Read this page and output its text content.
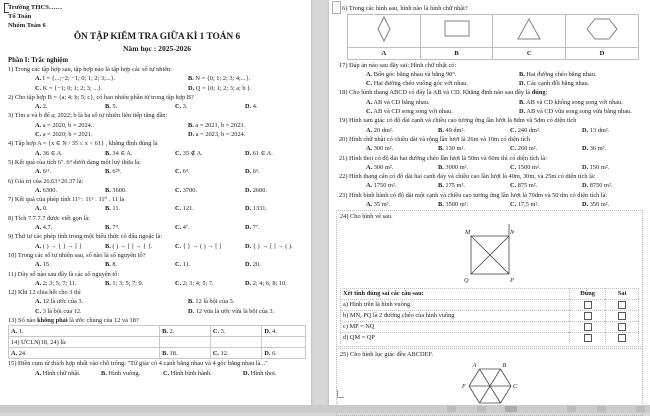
Trường THCS……
Tổ Toán
Nhóm Toán 6
ÔN TẬP KIỂM TRA GIỮA KÌ 1 TOÁN 6
Năm học : 2025-2026
Phần I: Trắc nghiệm
1) Trong các tập hợp sau, tập hợp nào là tập hợp các số tự nhiên:
A. I = {...;−2; −1; 0; 1; 2; 3;...}.	B. N = {0; 1; 2; 3; 4;...}.
C. K = {−1; 0; 1; 2; 3; ...}.	D. Q = {0; 1; 2; 3; a; b }.
2) Cho tập hợp B = {a; 4; b; 5; c}, có bao nhiêu phần tử trong tập hợp B?
A. 2.	B. 5.	C. 3.	D. 4.
3) Tìm a và b để a; 2022; b là ba số tự nhiên liên tiếp tăng dần:
A. a = 2020, b = 2024.	B. a = 2021, b = 2023.
C. a = 2020; b = 2021.	D. a = 2023, b = 2024.
4) Tập hợp A = {x ∈ N / 35 ≤ x < 61} , khẳng định đúng là
A. 36 ∈ A.	B. 34 ∈ A.	C. 35 ∉ A.	D. 61 ∈ A.
5) Kết quả của tích 6⁷. 6⁴ dưới dạng một luỹ thừa là:
A. 6¹¹.	B. 6²⁸.	C. 6⁴.	D. 6³.
6) Giá trị của 26.63+26.37 là:
A. 6300.	B. 3600.	C. 3700.	D. 2600.
7) Kết quả của phép tính 11⁹ : 11⁵ . 11⁰ . 11 là
A. 0.	B. 11.	C. 121.	D. 1331.
8) Tích 7.7.7.7 được viết gọn là:
A. 4.7.	B. 7⁴.	C. 4⁷.	D. 7⁷.
9) Thứ tự các phép tính trong một biểu thức có dấu ngoặc là:
A. ( ) → { } → [ ]	B. ( ) → [ ] → { }.	C. { } → ( ) → [ ]	D. { } → [ ] → ( ).
10) Trong các số tự nhiên sau, số nào là số nguyên tố?
A. 15.	B. 8.	C. 11.	D. 20.
11) Dãy số nào sau đây là các số nguyên tố:
A. 2; 3; 5; 7; 11.	B. 1; 3; 5; 7; 9.	C. 2; 3; 4; 5; 7.	D. 2; 4; 6; 8; 10.
12) Khi 12 chia hết cho 3 thì
A. 12 là ước của 3.	B. 12 là bội của 3.
C. 3 là bội của 12.	D. 12 vừa là ước vừa là bội của 3.
13) Số nào không phải là ước chung của 12 và 18?
A. 1.	B. 2.	C. 3.	D. 4.
14) ƯCLN(18, 24) là:			
A. 24.	B. 18.	C. 12.	D. 6.
15) Điền cụm từ thích hợp nhất vào chỗ trống: "Tứ giác có 4 cạnh bằng nhau và 4 góc bằng nhau là..."
A. Hình chữ nhật.	B. Hình vuông.	C. Hình bình hành.	D. Hình thoi.
16) Trong các hình sau, hình nào là hình chữ nhật?

A	B	C	D
17) Đáp án nào sau đây sai: Hình chữ nhật có:
A. Bốn góc bằng nhau và bằng 90°.	B. Hai đường chéo bằng nhau.
C. Hai đường chéo vuông góc với nhau.	D. Các cạnh đối bằng nhau.
18) Cho hình thang ABCD có đáy là AB và CD. Khẳng định nào sau đây là đúng:
A. AB và CD bằng nhau.	B. AB và CD không song song với nhau.
C. AB và CD song song với nhau.	D. AB và CD vừa song song vừa bằng nhau.
19) Hình tam giác có độ dài cạnh và chiều cao tương ứng lần lượt là 8dm và 5dm có diện tích
A. 20 dm².	B. 40 dm².	C. 240 dm².	D. 13 dm².
20) Hình chữ nhật có chiều dài và rộng lần lượt là 26m và 10m có diện tích
A. 300 m².	B. 130 m².	C. 260 m².	D. 36 m².
21) Hình thoi có độ dài hai đường chéo lần lượt là 50m và 60m thì có diện tích là:
A. 300 m².	B. 3000 m².	C. 1500 m².	D. 150 m².
22) Hình thang cân có độ dài hai cạnh đáy và chiều cao lần lượt là 40m, 30m, và 25m có diện tích là:
A. 1750 m².	B. 175 m².	C. 875 m².	D. 8750 m².
23) Hình bình hành có độ dài một cạnh và chiều cao tương ứng lần lượt là 70dm và 50 dm có diện tích là:
A. 35 m².	B. 3500 m².	C. 17,5 m².	D. 350 m².
24) Cho hình vẽ sau.
M	N
Q	P
Xét tính đúng sai các câu sau:	Đúng	Sai
a) Hình trên là hình vuông
b) MN, PQ là 2 đường chéo của hình vuông
c) MP = NQ
d) QM = QP
25) Cho hình lục giác đều ABCDEF.
A	B
C
F
